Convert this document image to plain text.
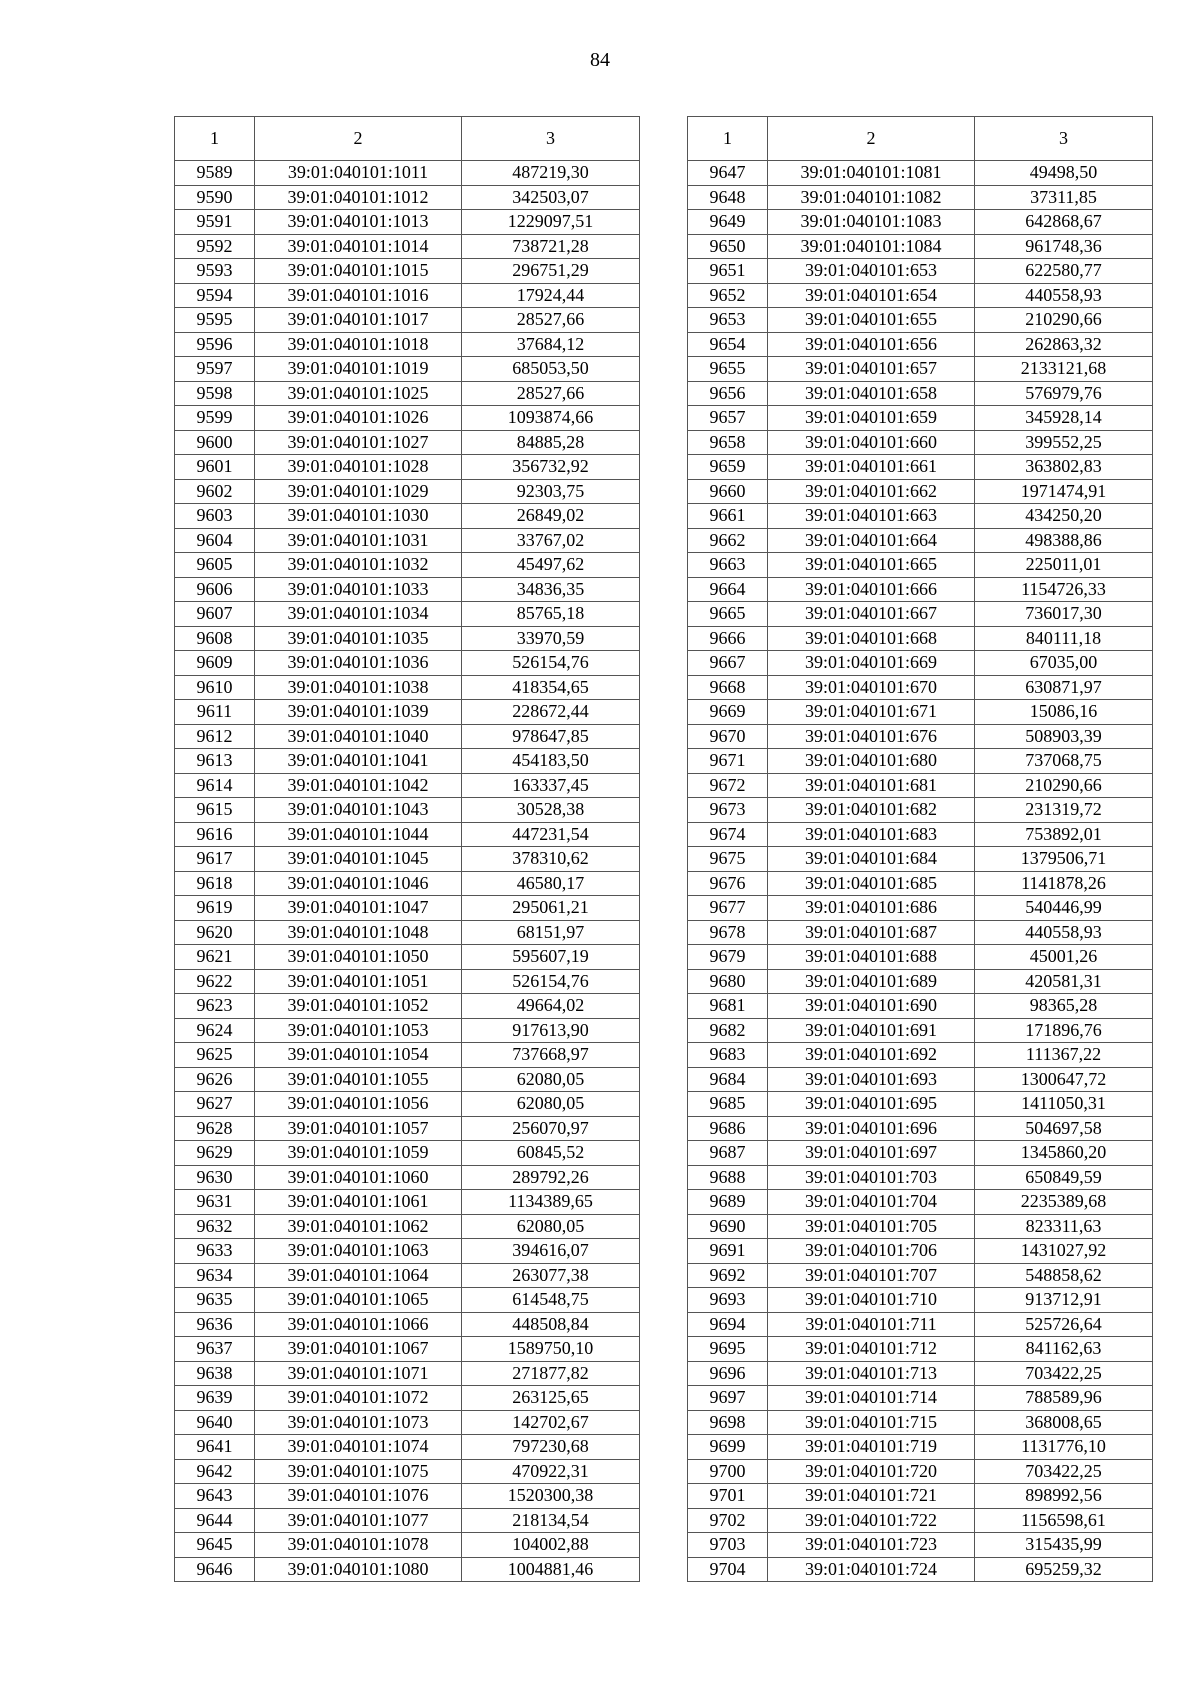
84
1	2	3
9589	39:01:040101:1011	487219,30
9590	39:01:040101:1012	342503,07
9591	39:01:040101:1013	1229097,51
9592	39:01:040101:1014	738721,28
9593	39:01:040101:1015	296751,29
9594	39:01:040101:1016	17924,44
9595	39:01:040101:1017	28527,66
9596	39:01:040101:1018	37684,12
9597	39:01:040101:1019	685053,50
9598	39:01:040101:1025	28527,66
9599	39:01:040101:1026	1093874,66
9600	39:01:040101:1027	84885,28
9601	39:01:040101:1028	356732,92
9602	39:01:040101:1029	92303,75
9603	39:01:040101:1030	26849,02
9604	39:01:040101:1031	33767,02
9605	39:01:040101:1032	45497,62
9606	39:01:040101:1033	34836,35
9607	39:01:040101:1034	85765,18
9608	39:01:040101:1035	33970,59
9609	39:01:040101:1036	526154,76
9610	39:01:040101:1038	418354,65
9611	39:01:040101:1039	228672,44
9612	39:01:040101:1040	978647,85
9613	39:01:040101:1041	454183,50
9614	39:01:040101:1042	163337,45
9615	39:01:040101:1043	30528,38
9616	39:01:040101:1044	447231,54
9617	39:01:040101:1045	378310,62
9618	39:01:040101:1046	46580,17
9619	39:01:040101:1047	295061,21
9620	39:01:040101:1048	68151,97
9621	39:01:040101:1050	595607,19
9622	39:01:040101:1051	526154,76
9623	39:01:040101:1052	49664,02
9624	39:01:040101:1053	917613,90
9625	39:01:040101:1054	737668,97
9626	39:01:040101:1055	62080,05
9627	39:01:040101:1056	62080,05
9628	39:01:040101:1057	256070,97
9629	39:01:040101:1059	60845,52
9630	39:01:040101:1060	289792,26
9631	39:01:040101:1061	1134389,65
9632	39:01:040101:1062	62080,05
9633	39:01:040101:1063	394616,07
9634	39:01:040101:1064	263077,38
9635	39:01:040101:1065	614548,75
9636	39:01:040101:1066	448508,84
9637	39:01:040101:1067	1589750,10
9638	39:01:040101:1071	271877,82
9639	39:01:040101:1072	263125,65
9640	39:01:040101:1073	142702,67
9641	39:01:040101:1074	797230,68
9642	39:01:040101:1075	470922,31
9643	39:01:040101:1076	1520300,38
9644	39:01:040101:1077	218134,54
9645	39:01:040101:1078	104002,88
9646	39:01:040101:1080	1004881,46
1	2	3
9647	39:01:040101:1081	49498,50
9648	39:01:040101:1082	37311,85
9649	39:01:040101:1083	642868,67
9650	39:01:040101:1084	961748,36
9651	39:01:040101:653	622580,77
9652	39:01:040101:654	440558,93
9653	39:01:040101:655	210290,66
9654	39:01:040101:656	262863,32
9655	39:01:040101:657	2133121,68
9656	39:01:040101:658	576979,76
9657	39:01:040101:659	345928,14
9658	39:01:040101:660	399552,25
9659	39:01:040101:661	363802,83
9660	39:01:040101:662	1971474,91
9661	39:01:040101:663	434250,20
9662	39:01:040101:664	498388,86
9663	39:01:040101:665	225011,01
9664	39:01:040101:666	1154726,33
9665	39:01:040101:667	736017,30
9666	39:01:040101:668	840111,18
9667	39:01:040101:669	67035,00
9668	39:01:040101:670	630871,97
9669	39:01:040101:671	15086,16
9670	39:01:040101:676	508903,39
9671	39:01:040101:680	737068,75
9672	39:01:040101:681	210290,66
9673	39:01:040101:682	231319,72
9674	39:01:040101:683	753892,01
9675	39:01:040101:684	1379506,71
9676	39:01:040101:685	1141878,26
9677	39:01:040101:686	540446,99
9678	39:01:040101:687	440558,93
9679	39:01:040101:688	45001,26
9680	39:01:040101:689	420581,31
9681	39:01:040101:690	98365,28
9682	39:01:040101:691	171896,76
9683	39:01:040101:692	111367,22
9684	39:01:040101:693	1300647,72
9685	39:01:040101:695	1411050,31
9686	39:01:040101:696	504697,58
9687	39:01:040101:697	1345860,20
9688	39:01:040101:703	650849,59
9689	39:01:040101:704	2235389,68
9690	39:01:040101:705	823311,63
9691	39:01:040101:706	1431027,92
9692	39:01:040101:707	548858,62
9693	39:01:040101:710	913712,91
9694	39:01:040101:711	525726,64
9695	39:01:040101:712	841162,63
9696	39:01:040101:713	703422,25
9697	39:01:040101:714	788589,96
9698	39:01:040101:715	368008,65
9699	39:01:040101:719	1131776,10
9700	39:01:040101:720	703422,25
9701	39:01:040101:721	898992,56
9702	39:01:040101:722	1156598,61
9703	39:01:040101:723	315435,99
9704	39:01:040101:724	695259,32
